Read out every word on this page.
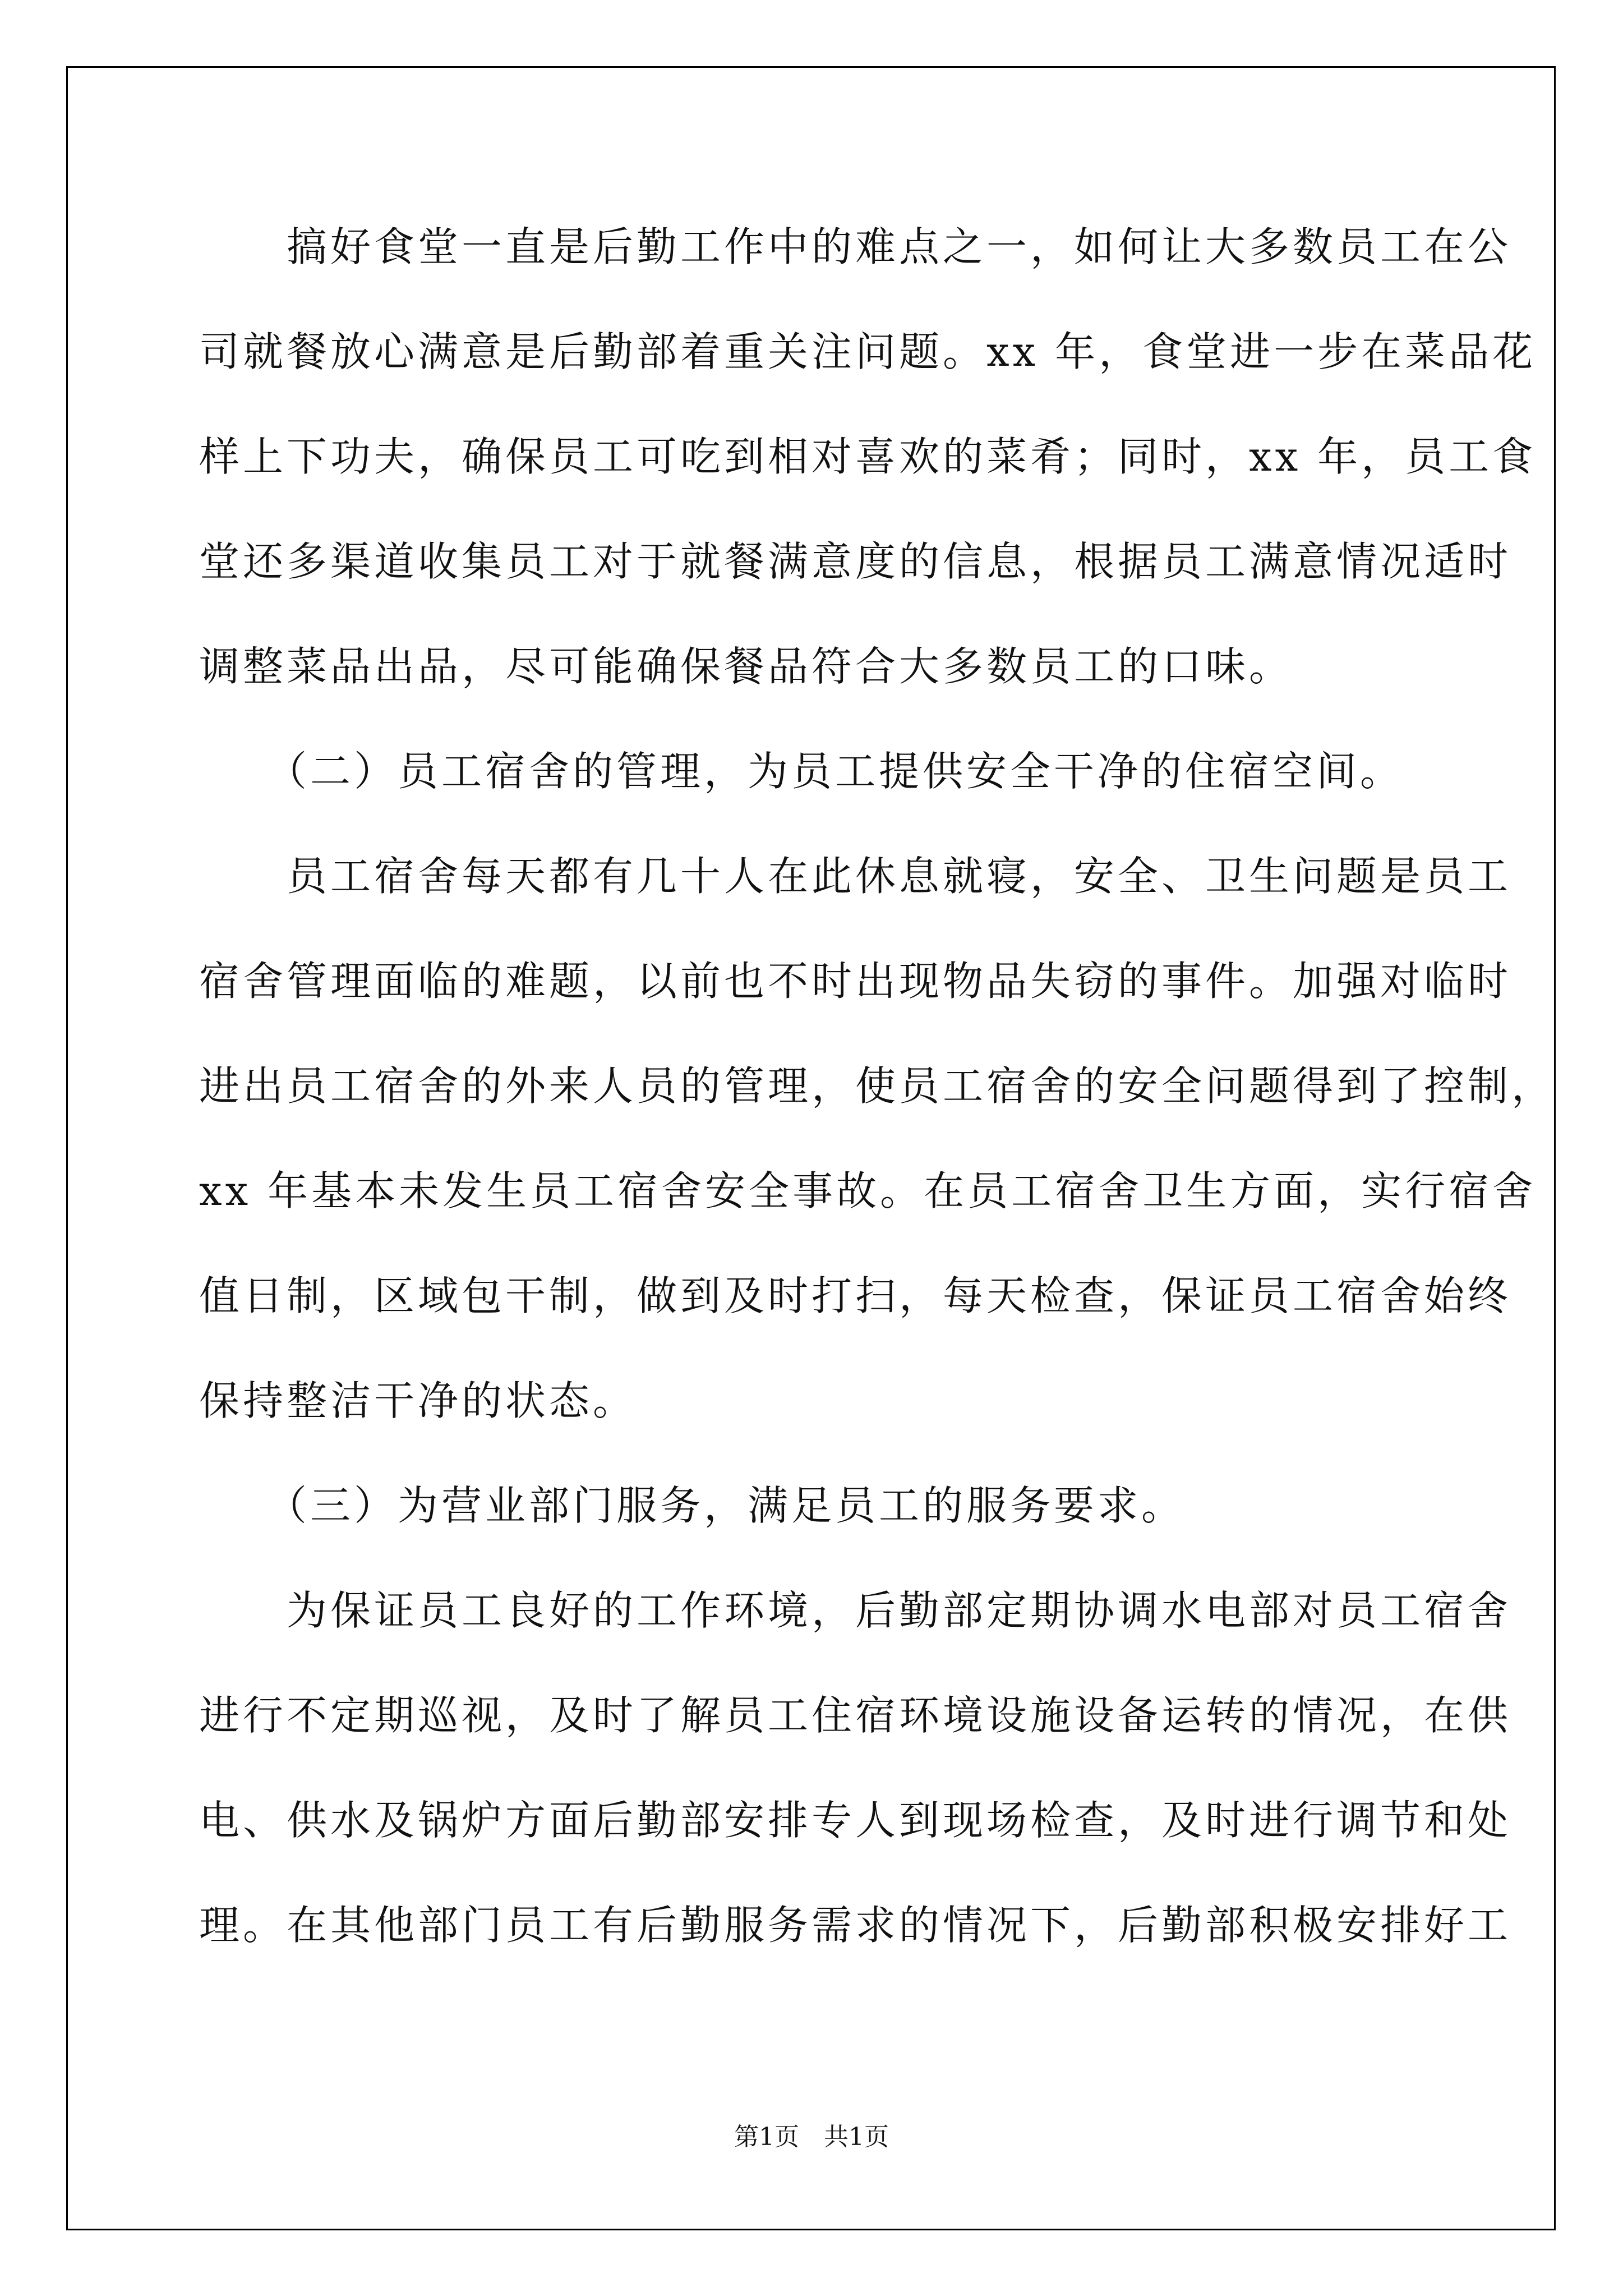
　　搞好食堂一直是后勤工作中的难点之一，如何让大多数员工在公
司就餐放心满意是后勤部着重关注问题。xx 年，食堂进一步在菜品花
样上下功夫，确保员工可吃到相对喜欢的菜肴；同时，xx 年，员工食
堂还多渠道收集员工对于就餐满意度的信息，根据员工满意情况适时
调整菜品出品，尽可能确保餐品符合大多数员工的口味。
　　（二）员工宿舍的管理，为员工提供安全干净的住宿空间。
　　员工宿舍每天都有几十人在此休息就寝，安全、卫生问题是员工
宿舍管理面临的难题，以前也不时出现物品失窃的事件。加强对临时
进出员工宿舍的外来人员的管理，使员工宿舍的安全问题得到了控制，
xx 年基本未发生员工宿舍安全事故。在员工宿舍卫生方面，实行宿舍
值日制，区域包干制，做到及时打扫，每天检查，保证员工宿舍始终
保持整洁干净的状态。
　　（三）为营业部门服务，满足员工的服务要求。
　　为保证员工良好的工作环境，后勤部定期协调水电部对员工宿舍
进行不定期巡视，及时了解员工住宿环境设施设备运转的情况，在供
电、供水及锅炉方面后勤部安排专人到现场检查，及时进行调节和处
理。在其他部门员工有后勤服务需求的情况下，后勤部积极安排好工
第1页　共1页
